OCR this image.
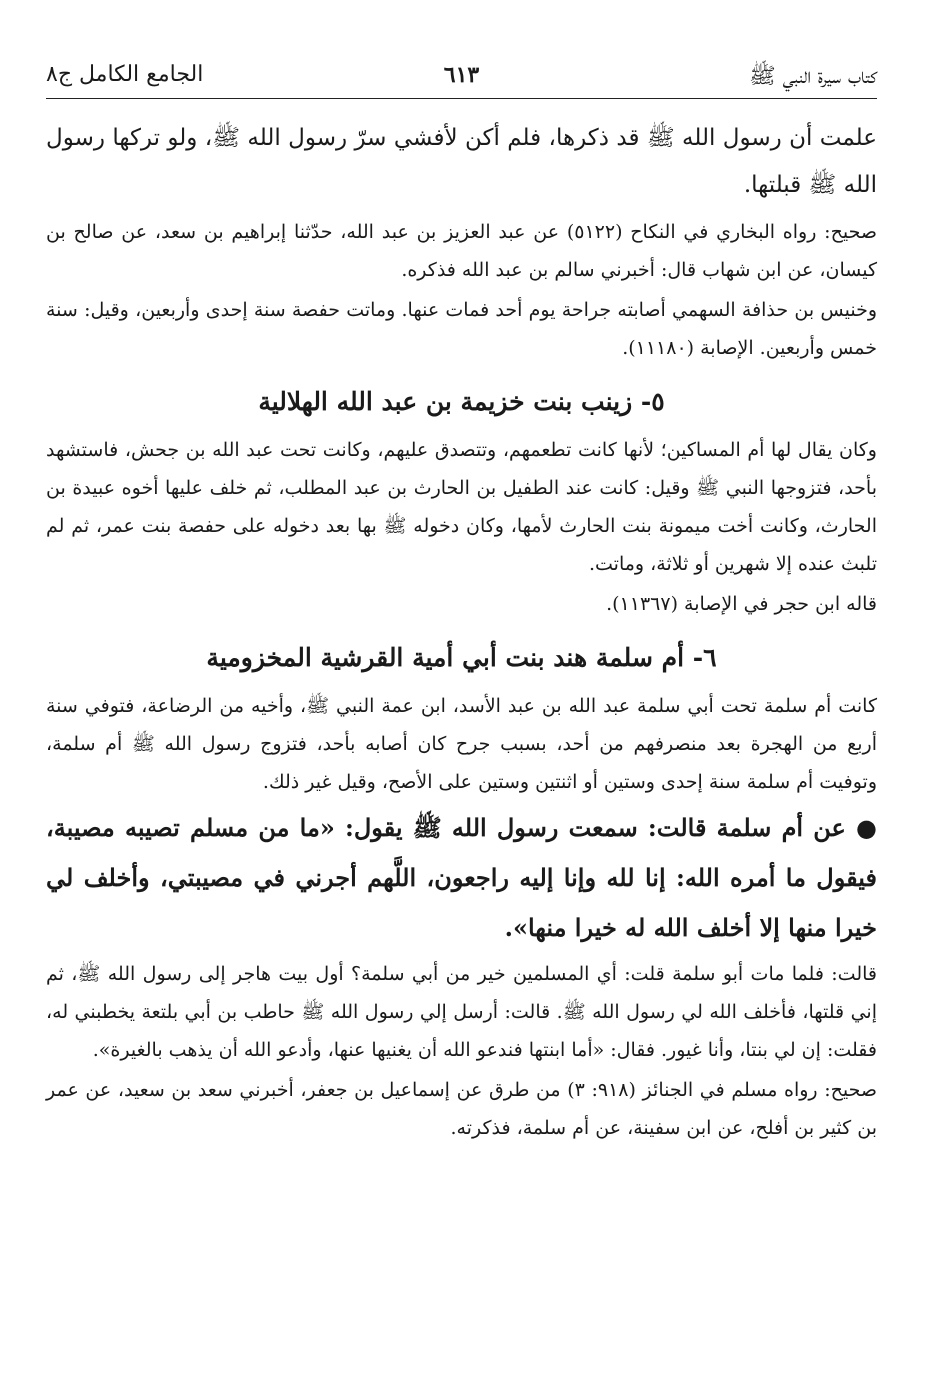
كتاب سيرة النبي ﷺ
٦١٣
الجامع الكامل ج٨

علمت أن رسول الله ﷺ قد ذكرها، فلم أكن لأفشي سرّ رسول الله ﷺ، ولو تركها رسول الله ﷺ قبلتها.

صحيح: رواه البخاري في النكاح (٥١٢٢) عن عبد العزيز بن عبد الله، حدّثنا إبراهيم بن سعد، عن صالح بن كيسان، عن ابن شهاب قال: أخبرني سالم بن عبد الله فذكره.

وخنيس بن حذافة السهمي أصابته جراحة يوم أحد فمات عنها. وماتت حفصة سنة إحدى وأربعين، وقيل: سنة خمس وأربعين. الإصابة (١١١٨٠).

٥- زينب بنت خزيمة بن عبد الله الهلالية

وكان يقال لها أم المساكين؛ لأنها كانت تطعمهم، وتتصدق عليهم، وكانت تحت عبد الله بن جحش، فاستشهد بأحد، فتزوجها النبي ﷺ وقيل: كانت عند الطفيل بن الحارث بن عبد المطلب، ثم خلف عليها أخوه عبيدة بن الحارث، وكانت أخت ميمونة بنت الحارث لأمها، وكان دخوله ﷺ بها بعد دخوله على حفصة بنت عمر، ثم لم تلبث عنده إلا شهرين أو ثلاثة، وماتت.

قاله ابن حجر في الإصابة (١١٣٦٧).

٦- أم سلمة هند بنت أبي أمية القرشية المخزومية

كانت أم سلمة تحت أبي سلمة عبد الله بن عبد الأسد، ابن عمة النبي ﷺ، وأخيه من الرضاعة، فتوفي سنة أربع من الهجرة بعد منصرفهم من أحد، بسبب جرح كان أصابه بأحد، فتزوج رسول الله ﷺ أم سلمة، وتوفيت أم سلمة سنة إحدى وستين أو اثنتين وستين على الأصح، وقيل غير ذلك.

● عن أم سلمة قالت: سمعت رسول الله ﷺ يقول: «ما من مسلم تصيبه مصيبة، فيقول ما أمره الله: إنا لله وإنا إليه راجعون، اللَّهم أجرني في مصيبتي، وأخلف لي خيرا منها إلا أخلف الله له خيرا منها».

قالت: فلما مات أبو سلمة قلت: أي المسلمين خير من أبي سلمة؟ أول بيت هاجر إلى رسول الله ﷺ، ثم إني قلتها، فأخلف الله لي رسول الله ﷺ. قالت: أرسل إلي رسول الله ﷺ حاطب بن أبي بلتعة يخطبني له، فقلت: إن لي بنتا، وأنا غيور. فقال: «أما ابنتها فندعو الله أن يغنيها عنها، وأدعو الله أن يذهب بالغيرة».

صحيح: رواه مسلم في الجنائز (٩١٨: ٣) من طرق عن إسماعيل بن جعفر، أخبرني سعد بن سعيد، عن عمر بن كثير بن أفلح، عن ابن سفينة، عن أم سلمة، فذكرته.
